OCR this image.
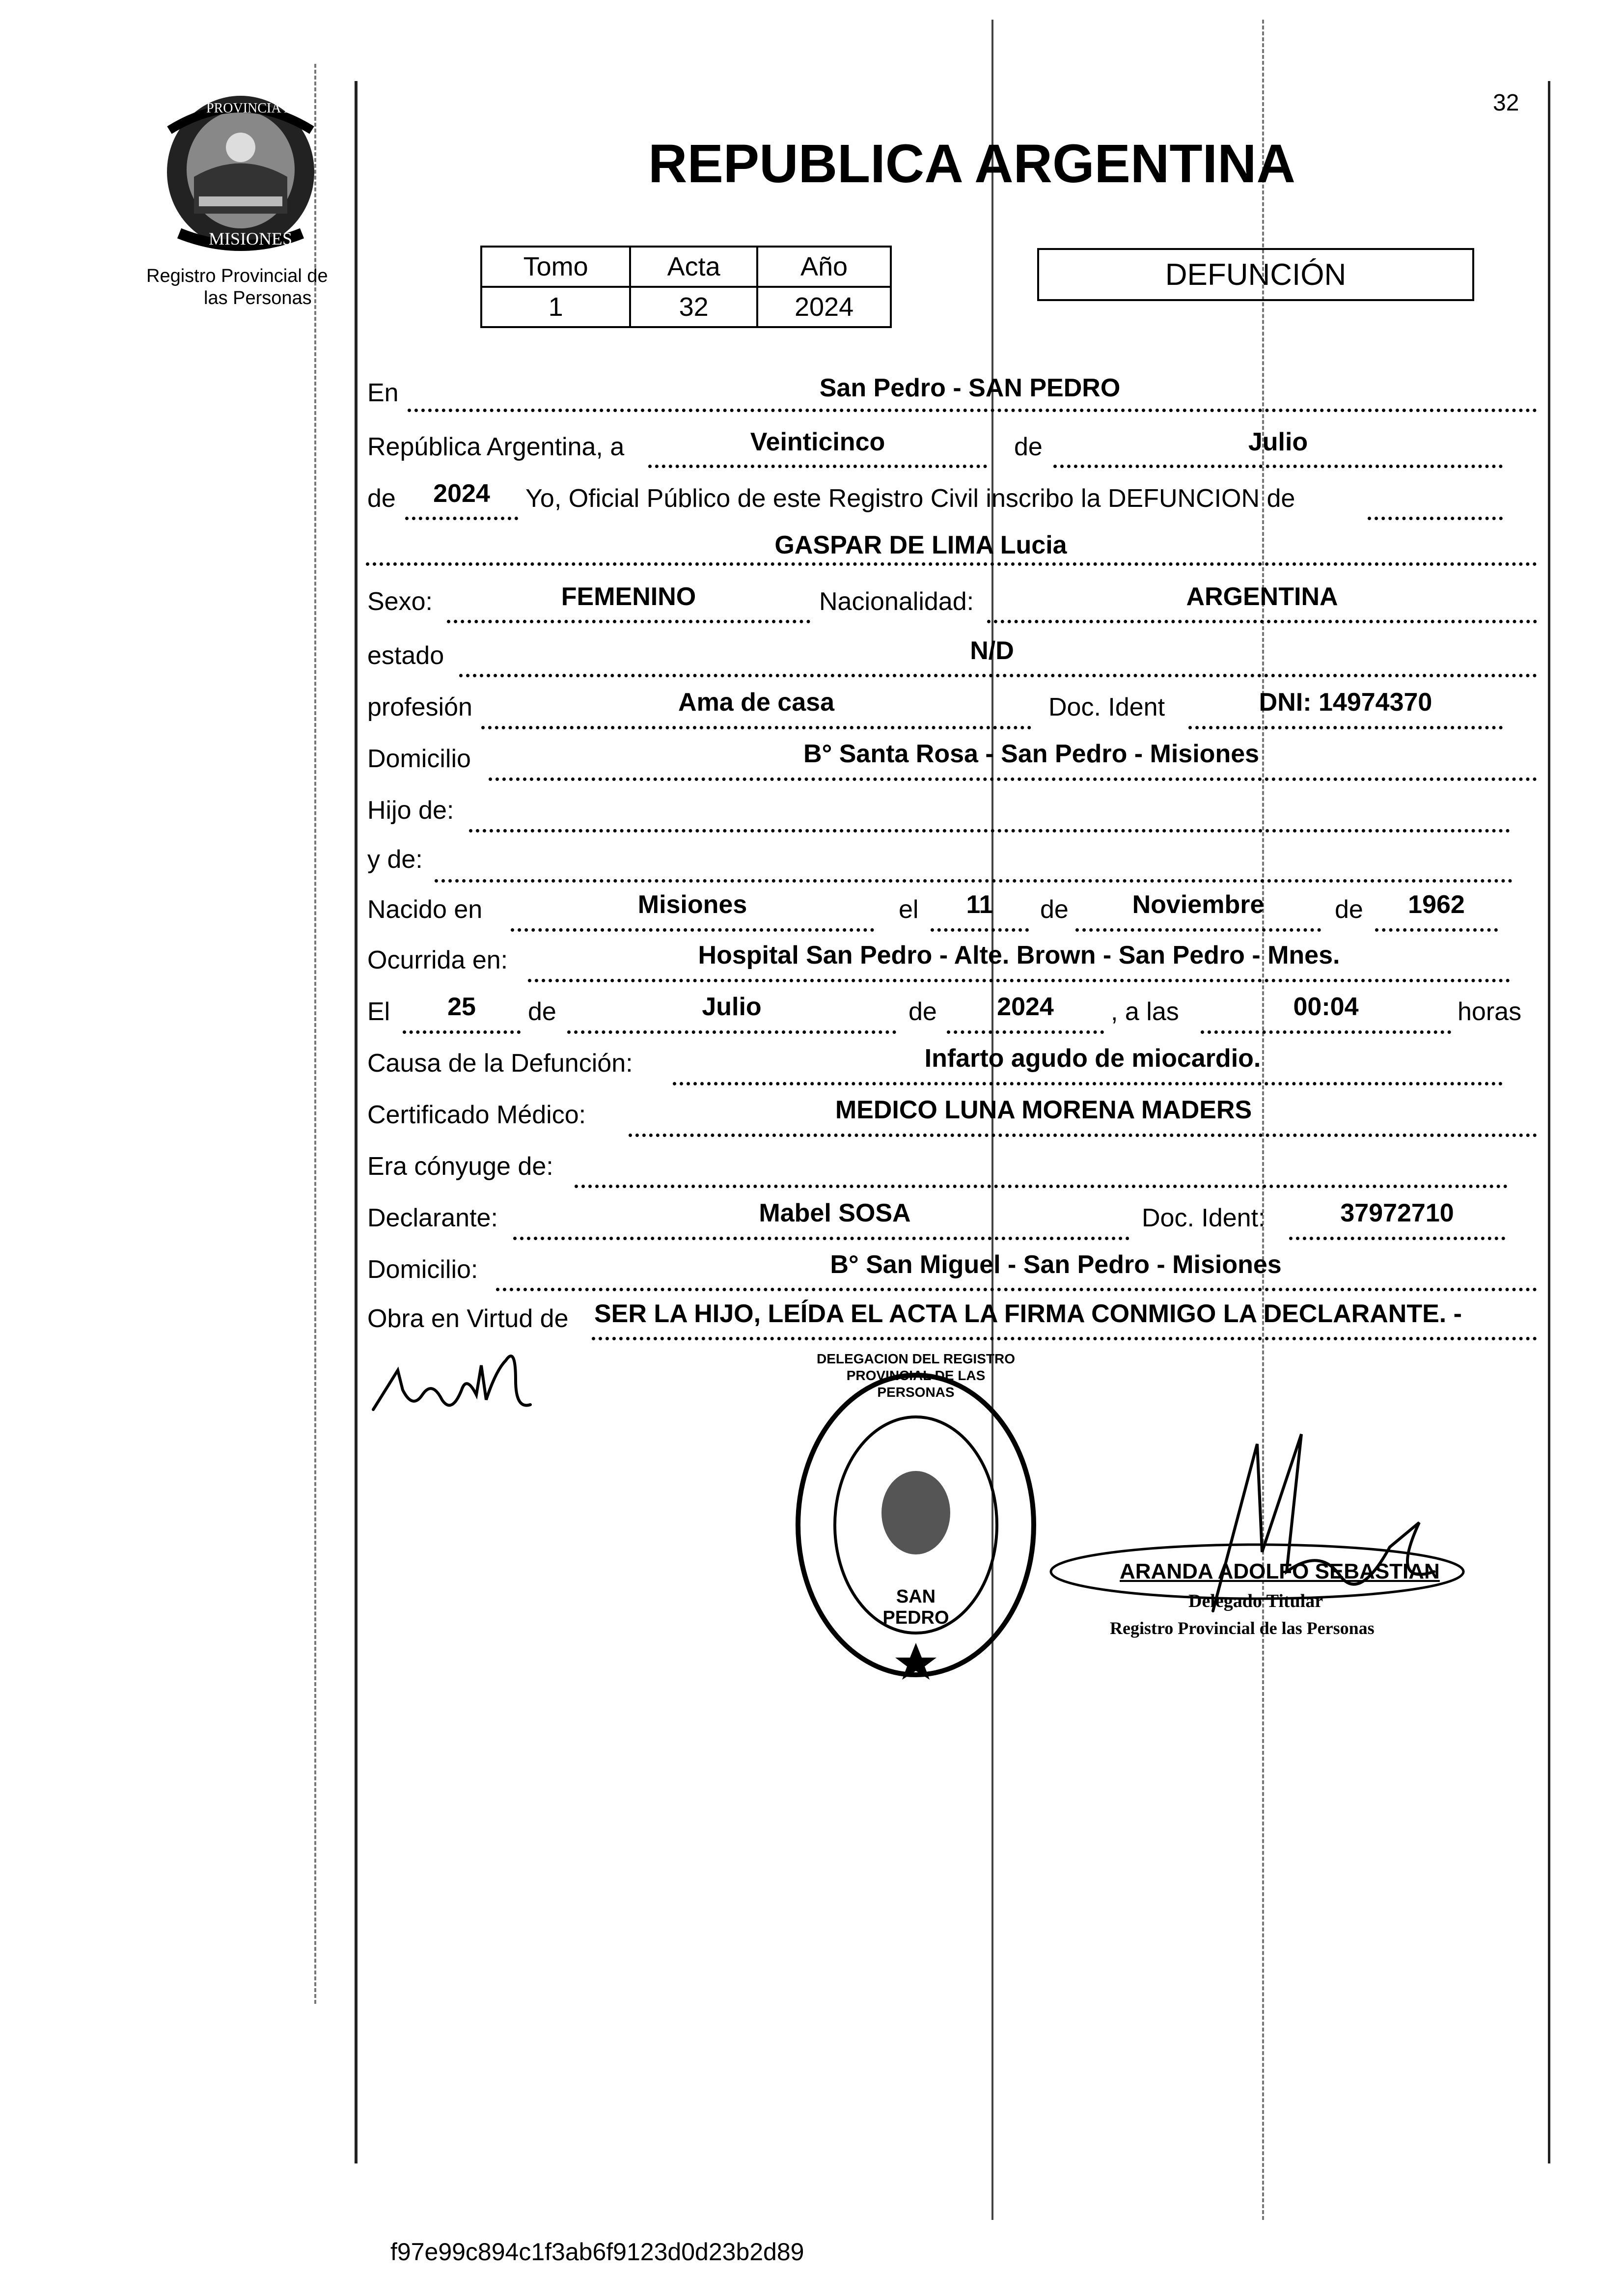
32
PROVINCIA DE
MISIONES
Registro Provincial de
las Personas
REPUBLICA ARGENTINA
Tomo	Acta	Año
1	32	2024
DEFUNCIÓN
En	San Pedro - SAN PEDRO
República Argentina, a	Veinticinco	de	Julio
de	2024	Yo, Oficial Público de este Registro Civil inscribo la DEFUNCION de
GASPAR DE LIMA Lucia
Sexo:	FEMENINO	Nacionalidad:	ARGENTINA
estado	N/D
profesión	Ama de casa	Doc. Ident	DNI: 14974370
Domicilio	B° Santa Rosa - San Pedro - Misiones
Hijo de:
y de:
Nacido en	Misiones	el	11	de	Noviembre	de	1962
Ocurrida en:	Hospital San Pedro - Alte. Brown - San Pedro - Mnes.
El	25	de	Julio	de	2024	, a las	00:04	horas
Causa de la Defunción:	Infarto agudo de miocardio.
Certificado Médico:	MEDICO LUNA MORENA MADERS
Era cónyuge de:
Declarante:	Mabel SOSA	Doc. Ident:	37972710
Domicilio:	B° San Miguel - San Pedro - Misiones
Obra en Virtud de SER LA HIJO, LEÍDA EL ACTA LA FIRMA CONMIGO LA DECLARANTE. -
DELEGACION DEL REGISTRO PROVINCIAL DE LAS PERSONAS
SAN PEDRO
ARANDA ADOLFO SEBASTIAN
Delegado Titular
Registro Provincial de las Personas
f97e99c894c1f3ab6f9123d0d23b2d89
